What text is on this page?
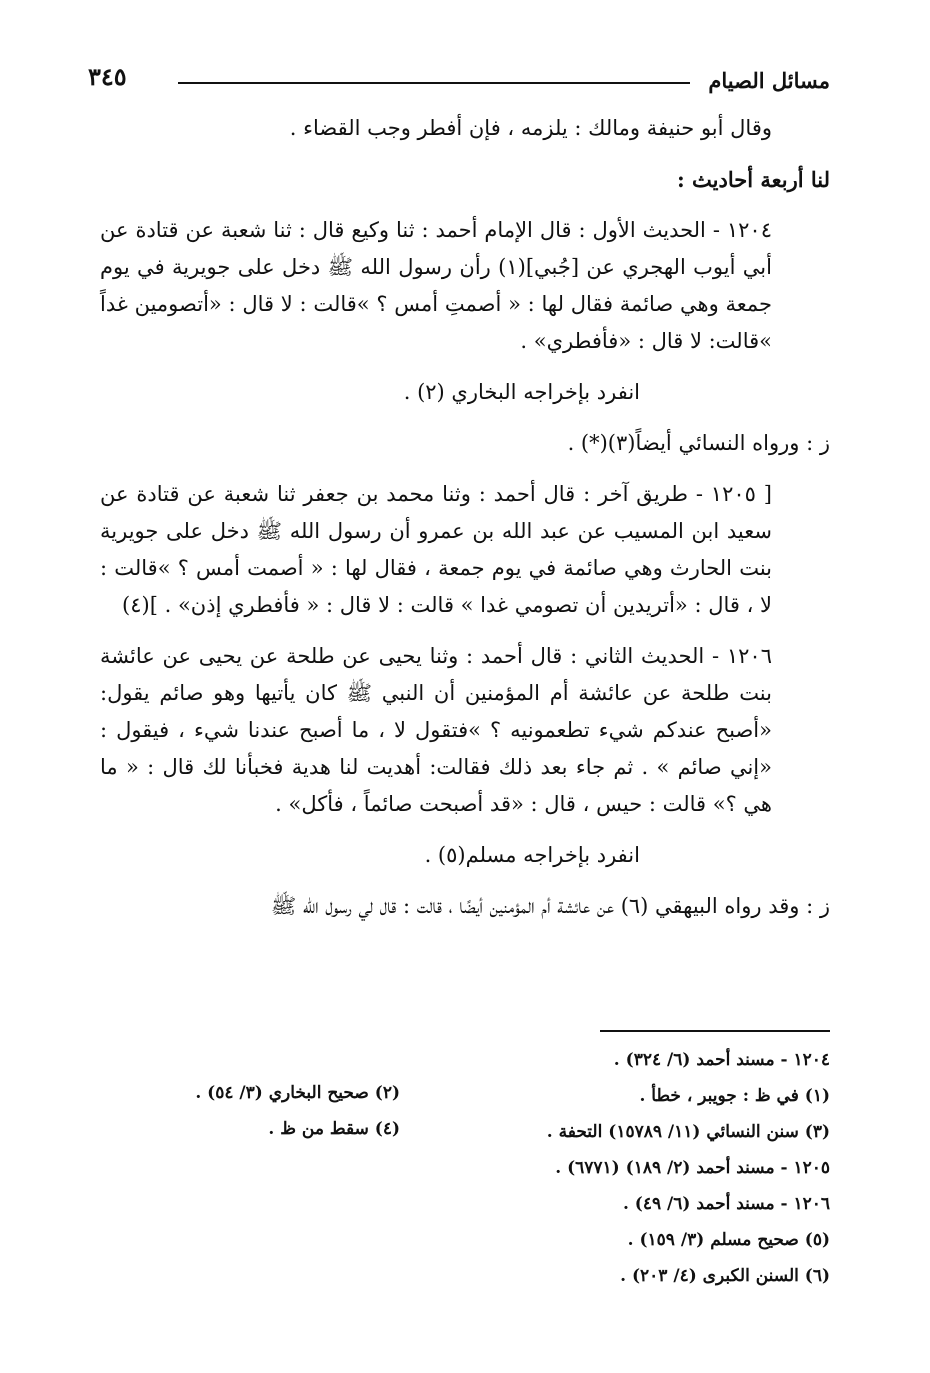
مسائل الصيام
٣٤٥

وقال أبو حنيفة ومالك : يلزمه ، فإن أفطر وجب القضاء .

لنا أربعة أحاديث :

١٢٠٤ - الحديث الأول : قال الإمام أحمد : ثنا وكيع قال : ثنا شعبة عن قتادة عن أبي أيوب الهجري عن [جُبي](١) رأن رسول الله ﷺ دخل على جويرية في يوم جمعة وهي صائمة فقال لها : « أصمتِ أمس ؟ »قالت : لا قال : «أتصومين غداً »قالت: لا قال : «فأفطري» .

انفرد بإخراجه البخاري (٢) .

ز : ورواه النسائي أيضاً(٣)(*) .

[ ١٢٠٥ - طريق آخر : قال أحمد : وثنا محمد بن جعفر ثنا شعبة عن قتادة عن سعيد ابن المسيب عن عبد الله بن عمرو أن رسول الله ﷺ دخل على جويرية بنت الحارث وهي صائمة في يوم جمعة ، فقال لها : « أصمت أمس ؟ »قالت : لا ، قال : «أتريدين أن تصومي غدا » قالت : لا قال : « فأفطري إذن» . ](٤)

١٢٠٦ - الحديث الثاني : قال أحمد : وثنا يحيى عن طلحة عن يحيى عن عائشة بنت طلحة عن عائشة أم المؤمنين أن النبي ﷺ كان يأتيها وهو صائم يقول: «أصبح عندكم شيء تطعمونيه ؟ »فتقول لا ، ما أصبح عندنا شيء ، فيقول : «إني صائم » . ثم جاء بعد ذلك فقالت: أهديت لنا هدية فخبأنا لك قال : « ما هي ؟» قالت : حيس ، قال : «قد أصبحت صائماً ، فأكل» .

انفرد بإخراجه مسلم(٥) .

ز : وقد رواه البيهقي (٦) عن عائشة أم المؤمنين أيضًا ، قالت : قال لي رسول الله ﷺ

١٢٠٤ - مسند أحمد (٦/ ٣٢٤) .

(١) في ظ : جويبر ، خطأ .

(٣) سنن النسائي (١١/ ١٥٧٨٩) التحفة .

١٢٠٥ - مسند أحمد (٢/ ١٨٩) (٦٧٧١) .

١٢٠٦ - مسند أحمد (٦/ ٤٩) .

(٥) صحيح مسلم (٣/ ١٥٩) .

(٦) السنن الكبرى (٤/ ٢٠٣) .

(٢) صحيح البخاري (٣/ ٥٤) .

(٤) سقط من ظ .
